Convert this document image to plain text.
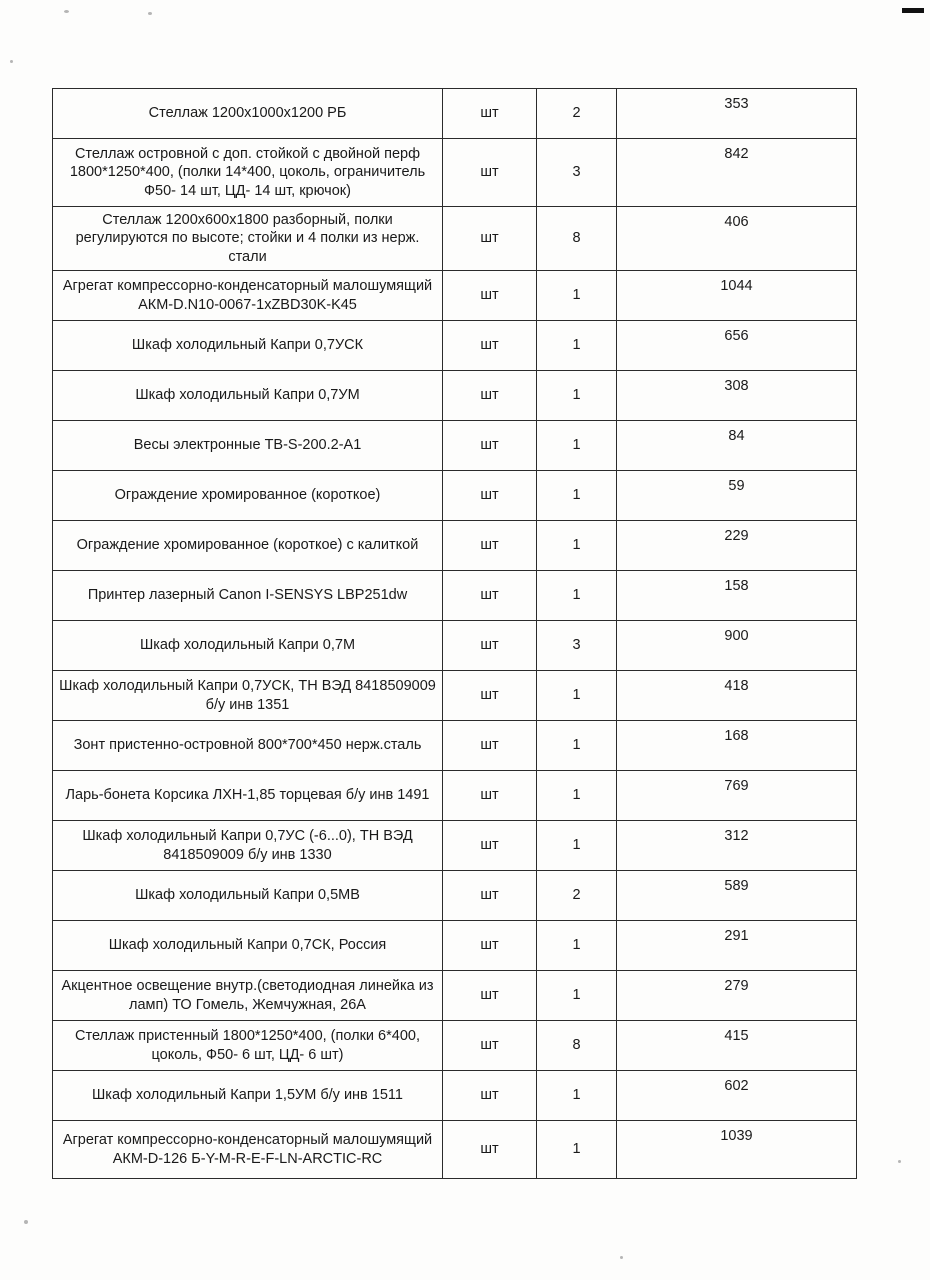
Стеллаж 1200х1000х1200 РБ	шт	2	353
Стеллаж островной с доп. стойкой с двойной перф 1800*1250*400, (полки 14*400, цоколь, ограничитель Ф50- 14 шт, ЦД- 14 шт, крючок)	шт	3	842
Стеллаж 1200х600х1800 разборный, полки регулируются по высоте; стойки и 4 полки из нерж. стали	шт	8	406
Агрегат компрессорно-конденсаторный малошумящий АКМ-D.N10-0067-1xZBD30K-K45	шт	1	1044
Шкаф холодильный Капри 0,7УСК	шт	1	656
Шкаф холодильный Капри 0,7УМ	шт	1	308
Весы электронные ТВ-S-200.2-А1	шт	1	84
Ограждение хромированное (короткое)	шт	1	59
Ограждение хромированное (короткое) с калиткой	шт	1	229
Принтер лазерный Canon I-SENSYS LBP251dw	шт	1	158
Шкаф холодильный Капри 0,7М	шт	3	900
Шкаф холодильный Капри 0,7УСК, ТН ВЭД 8418509009 б/у инв 1351	шт	1	418
Зонт пристенно-островной 800*700*450 нерж.сталь	шт	1	168
Ларь-бонета Корсика ЛХН-1,85 торцевая б/у инв 1491	шт	1	769
Шкаф холодильный Капри 0,7УС (-6...0), ТН ВЭД 8418509009 б/у инв 1330	шт	1	312
Шкаф холодильный Капри 0,5МВ	шт	2	589
Шкаф холодильный Капри 0,7СК, Россия	шт	1	291
Акцентное освещение внутр.(светодиодная линейка из ламп) ТО Гомель, Жемчужная, 26А	шт	1	279
Стеллаж пристенный 1800*1250*400, (полки 6*400, цоколь, Ф50- 6 шт, ЦД- 6 шт)	шт	8	415
Шкаф холодильный Капри 1,5УМ б/у инв 1511	шт	1	602
Агрегат компрессорно-конденсаторный малошумящий АКМ-D-126 Б-Y-M-R-E-F-LN-ARCTIC-RC	шт	1	1039
